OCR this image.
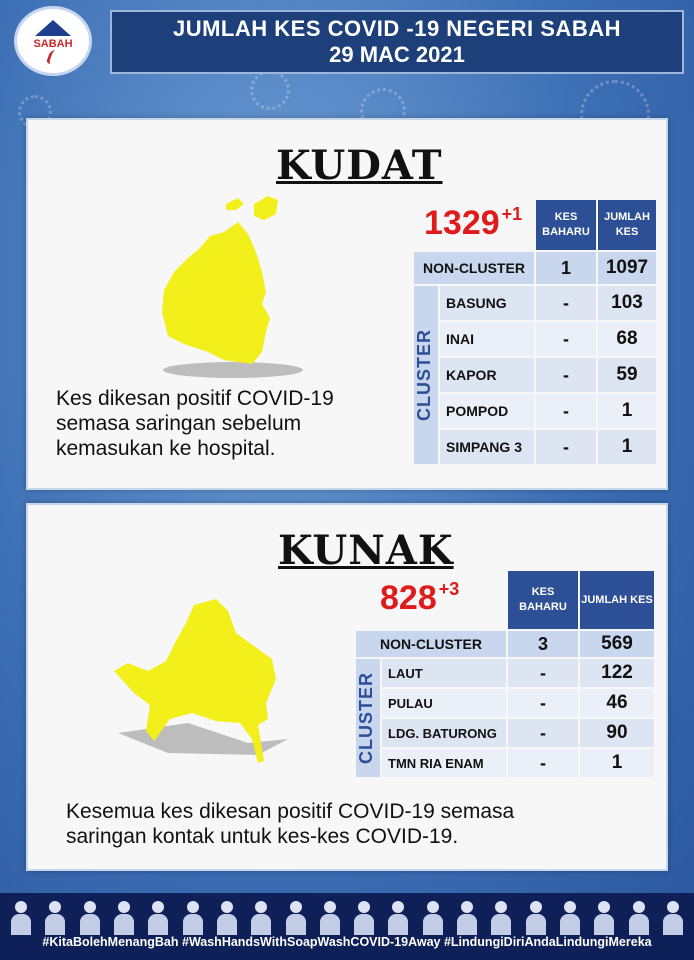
SABAH
JUMLAH KES COVID -19 NEGERI SABAH
29 MAC 2021
KUDAT
1329 $^{+1}$
		KES BAHARU	JUMLAH KES
NON-CLUSTER		1	1097

CLUSTER	BASUNG	-	103
	INAI	-	68
	KAPOR	-	59
	POMPOD	-	1
	SIMPANG 3	-	1
Kes dikesan positif COVID-19
semasa saringan sebelum
kemasukan ke hospital.
KUNAK
828 $^{+3}$
		KES BAHARU	JUMLAH KES
NON-CLUSTER		3	569

CLUSTER	LAUT	-	122
	PULAU	-	46
	LDG. BATURONG	-	90
	TMN RIA ENAM	-	1
Kesemua kes dikesan positif COVID-19 semasa
saringan kontak untuk kes-kes COVID-19.
#KitaBolehMenangBah #WashHandsWithSoapWashCOVID-19Away #LindungiDiriAndaLindungiMereka
